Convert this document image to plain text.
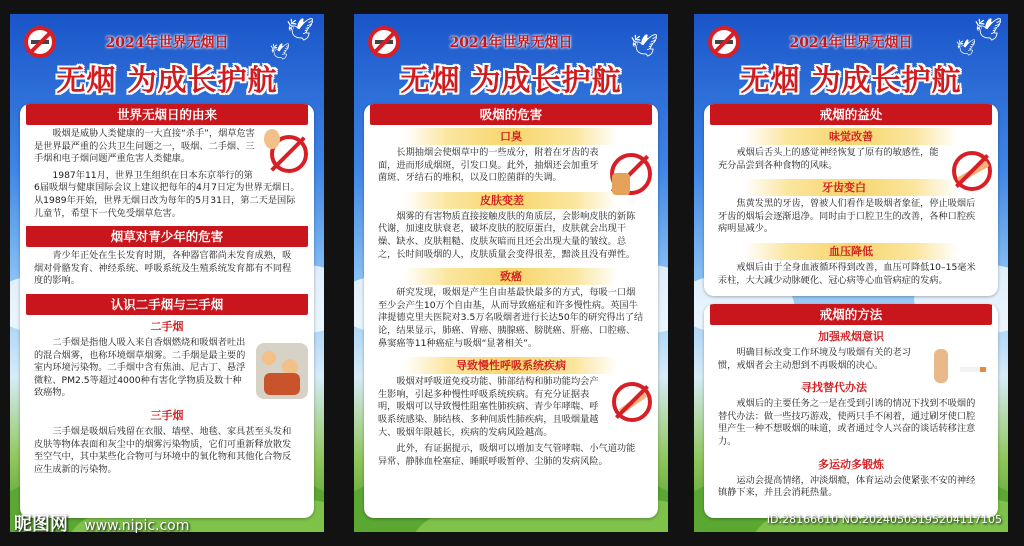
🕊
🕊
2024年世界无烟日
无烟 为成长护航
世界无烟日的由来

吸烟是威胁人类健康的一大直接“杀手”，烟草危害是世界最严重的公共卫生问题之一，吸烟、二手烟、三手烟和电子烟问题严重危害人类健康。

1987年11月，世界卫生组织在日本东京举行的第6届吸烟与健康国际会议上建议把每年的4月7日定为世界无烟日。从1989年开始，世界无烟日改为每年的5月31日，第二天是国际儿童节，希望下一代免受烟草危害。

烟草对青少年的危害

青少年正处在生长发育时期，各种器官都尚未发育成熟，吸烟对骨骼发育、神经系统、呼吸系统及生殖系统发育都有不同程度的影响。

认识二手烟与三手烟
二手烟

二手烟是指他人吸入来自香烟燃烧和吸烟者吐出的混合烟雾，也称环境烟草烟雾。二手烟是最主要的室内环境污染物。二手烟中含有焦油、尼古丁、悬浮微粒、PM2.5等超过4000种有害化学物质及数十种致癌物。

三手烟

三手烟是吸烟后残留在衣服、墙壁、地毯、家具甚至头发和皮肤等物体表面和灰尘中的烟雾污染物质，它们可重新释放散发至空气中，其中某些化合物可与环境中的氧化物和其他化合物反应生成新的污染物。

🕊
2024年世界无烟日
无烟 为成长护航
吸烟的危害
口臭

长期抽烟会使烟草中的一些成分，附着在牙齿的表面，进而形成烟斑，引发口臭。此外，抽烟还会加重牙菌斑、牙结石的堆积，以及口腔菌群的失调。

皮肤变差

烟雾的有害物质直接接触皮肤的角质层，会影响皮肤的新陈代谢，加速皮肤衰老，破坏皮肤的胶原蛋白，皮肤就会出现干燥、缺水、皮肤粗糙、皮肤灰暗而且还会出现大量的皱纹。总之，长时间吸烟的人，皮肤质量会变得很差，黯淡且没有弹性。

致癌

研究发现，吸烟是产生自由基最快最多的方式，每吸一口烟至少会产生10万个自由基，从而导致癌症和许多慢性病。英国牛津提德克里夫医院对3.5万名吸烟者进行长达50年的研究得出了结论，结果显示，肺癌、胃癌、胰腺癌、膀胱癌、肝癌、口腔癌、鼻窦癌等11种癌症与吸烟“显著相关”。

导致慢性呼吸系统疾病

吸烟对呼吸道免疫功能、肺部结构和肺功能均会产生影响，引起多种慢性呼吸系统疾病。有充分证据表明，吸烟可以导致慢性阻塞性肺疾病、青少年哮喘、呼吸系统感染、肺结核、多种间质性肺疾病，且吸烟量越大、吸烟年限越长，疾病的发病风险越高。

此外，有证据提示，吸烟可以增加支气管哮喘、小气道功能异常、静脉血栓塞症、睡眠呼吸暂停、尘肺的发病风险。

🕊
🕊
2024年世界无烟日
无烟 为成长护航
戒烟的益处
味觉改善

戒烟后舌头上的感觉神经恢复了原有的敏感性，能充分品尝到各种食物的风味。

牙齿变白

焦黄发黑的牙齿，曾被人们看作是吸烟者象征，停止吸烟后牙齿的烟垢会逐渐退净。同时由于口腔卫生的改善，各种口腔疾病明显减少。

血压降低

戒烟后由于全身血液循环得到改善，血压可降低10–15毫米汞柱，大大减少动脉硬化、冠心病等心血管病症的发病。

戒烟的方法
加强戒烟意识

明确目标改变工作环境及与吸烟有关的老习惯，戒烟者会主动想到不再吸烟的决心。

寻找替代办法

戒烟后的主要任务之一是在受到引诱的情况下找到不吸烟的替代办法：做一些技巧游戏，使两只手不闲着，通过刷牙使口腔里产生一种不想吸烟的味道，或者通过令人兴奋的谈话转移注意力。

多运动多锻炼

运动会提高情绪，冲淡烟瘾，体育运动会使紧张不安的神经镇静下来，并且会消耗热量。

昵图网 www.nipic.com	ID:28166610 NO:20240503195204117105
